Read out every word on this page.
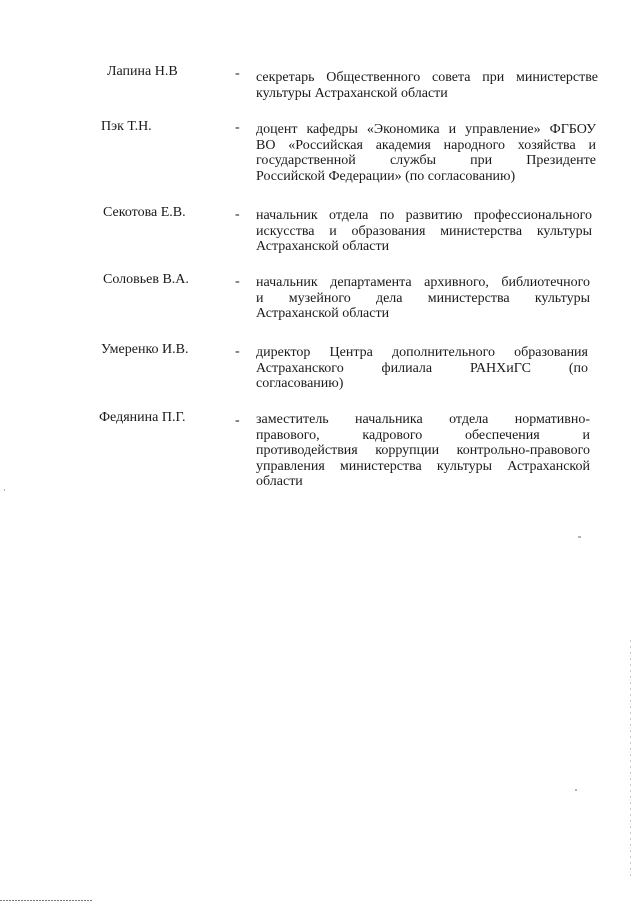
Лапина Н.В	- секретарь Общественного совета при министерстве
культуры Астраханской области
Пэк Т.Н.	- доцент кафедры «Экономика и управление» ФГБОУ
ВО «Российская академия народного хозяйства и
государственной службы при Президенте
Российской Федерации» (по согласованию)
Секотова Е.В.	- начальник отдела по развитию профессионального
искусства и образования министерства культуры
Астраханской области
Соловьев В.А.	- начальник департамента архивного, библиотечного
и музейного дела министерства культуры
Астраханской области
Умеренко И.В.	- директор Центра дополнительного образования
Астраханского филиала РАНХиГС (по
согласованию)
Федянина П.Г.	- заместитель начальника отдела нормативно-
правового, кадрового обеспечения и
противодействия коррупции контрольно-правового
управления министерства культуры Астраханской
области
